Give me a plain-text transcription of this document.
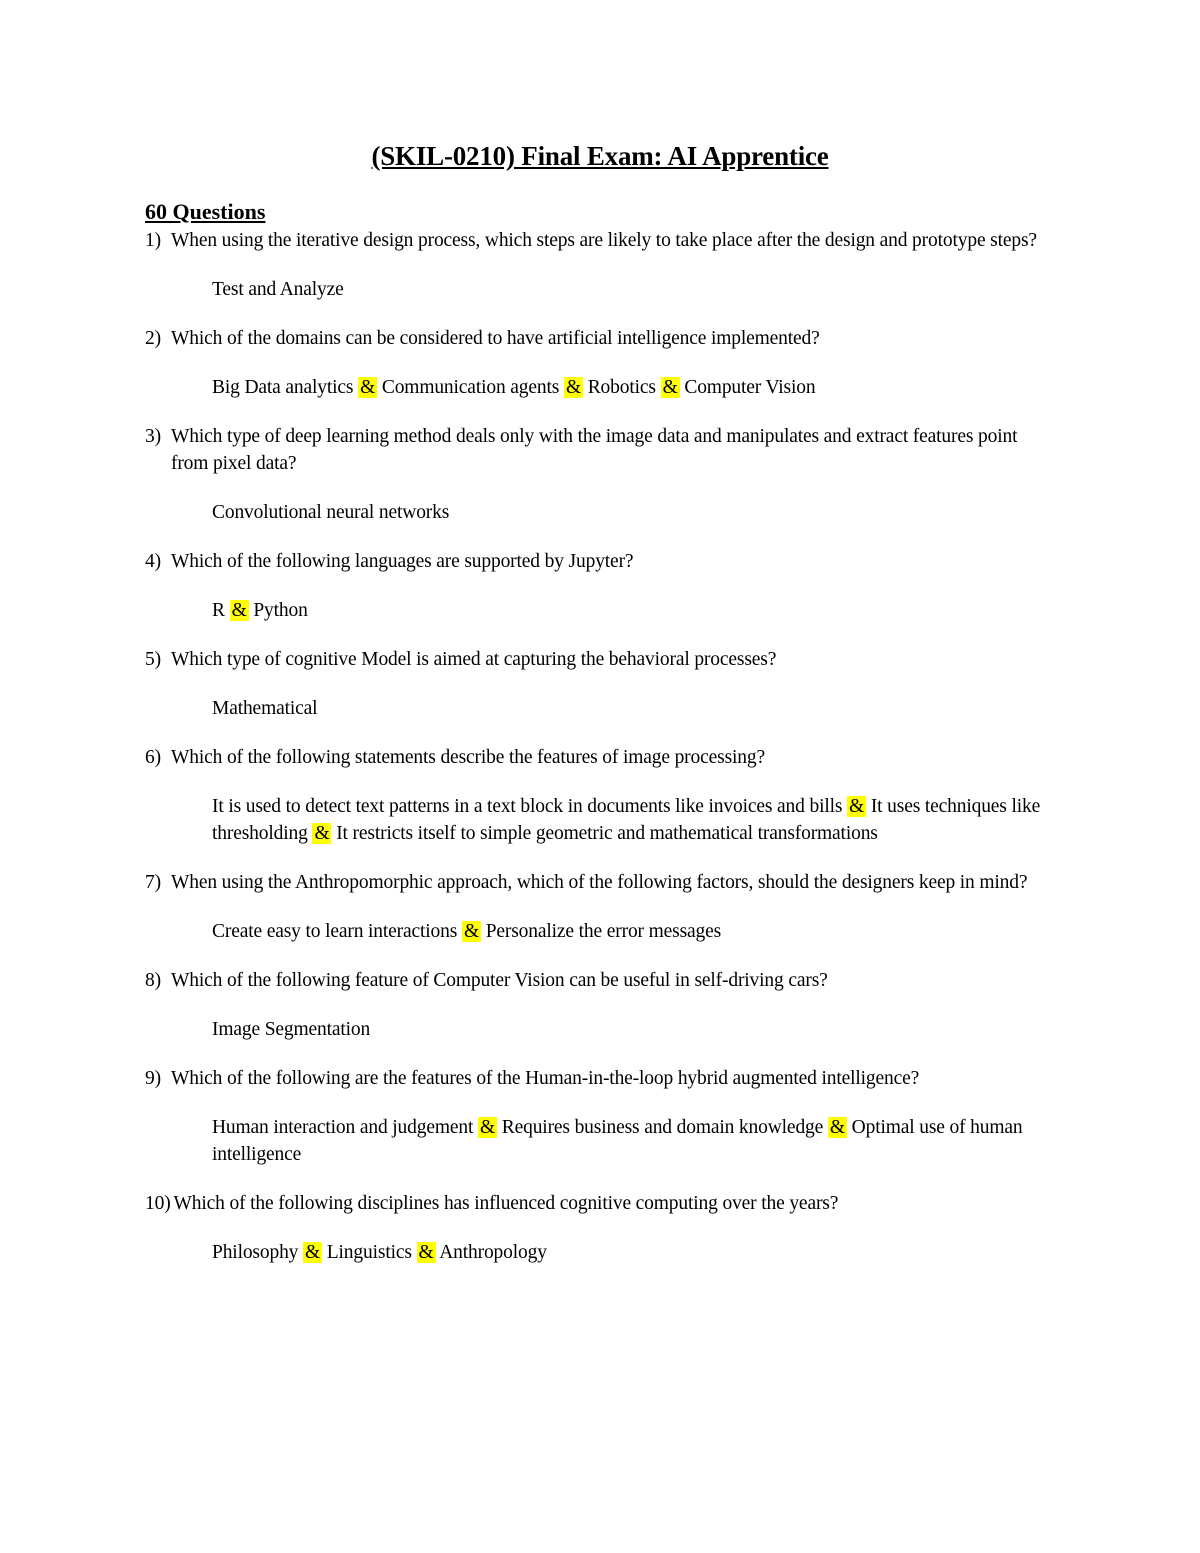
(SKIL-0210) Final Exam: AI Apprentice
60 Questions
1) When using the iterative design process, which steps are likely to take place after the design and prototype steps?
Test and Analyze
2) Which of the domains can be considered to have artificial intelligence implemented?
Big Data analytics & Communication agents & Robotics & Computer Vision
3) Which type of deep learning method deals only with the image data and manipulates and extract features point from pixel data?
Convolutional neural networks
4) Which of the following languages are supported by Jupyter?
R & Python
5) Which type of cognitive Model is aimed at capturing the behavioral processes?
Mathematical
6) Which of the following statements describe the features of image processing?
It is used to detect text patterns in a text block in documents like invoices and bills & It uses techniques like thresholding & It restricts itself to simple geometric and mathematical transformations
7) When using the Anthropomorphic approach, which of the following factors, should the designers keep in mind?
Create easy to learn interactions & Personalize the error messages
8) Which of the following feature of Computer Vision can be useful in self-driving cars?
Image Segmentation
9) Which of the following are the features of the Human-in-the-loop hybrid augmented intelligence?
Human interaction and judgement & Requires business and domain knowledge & Optimal use of human intelligence
10) Which of the following disciplines has influenced cognitive computing over the years?
Philosophy & Linguistics & Anthropology
